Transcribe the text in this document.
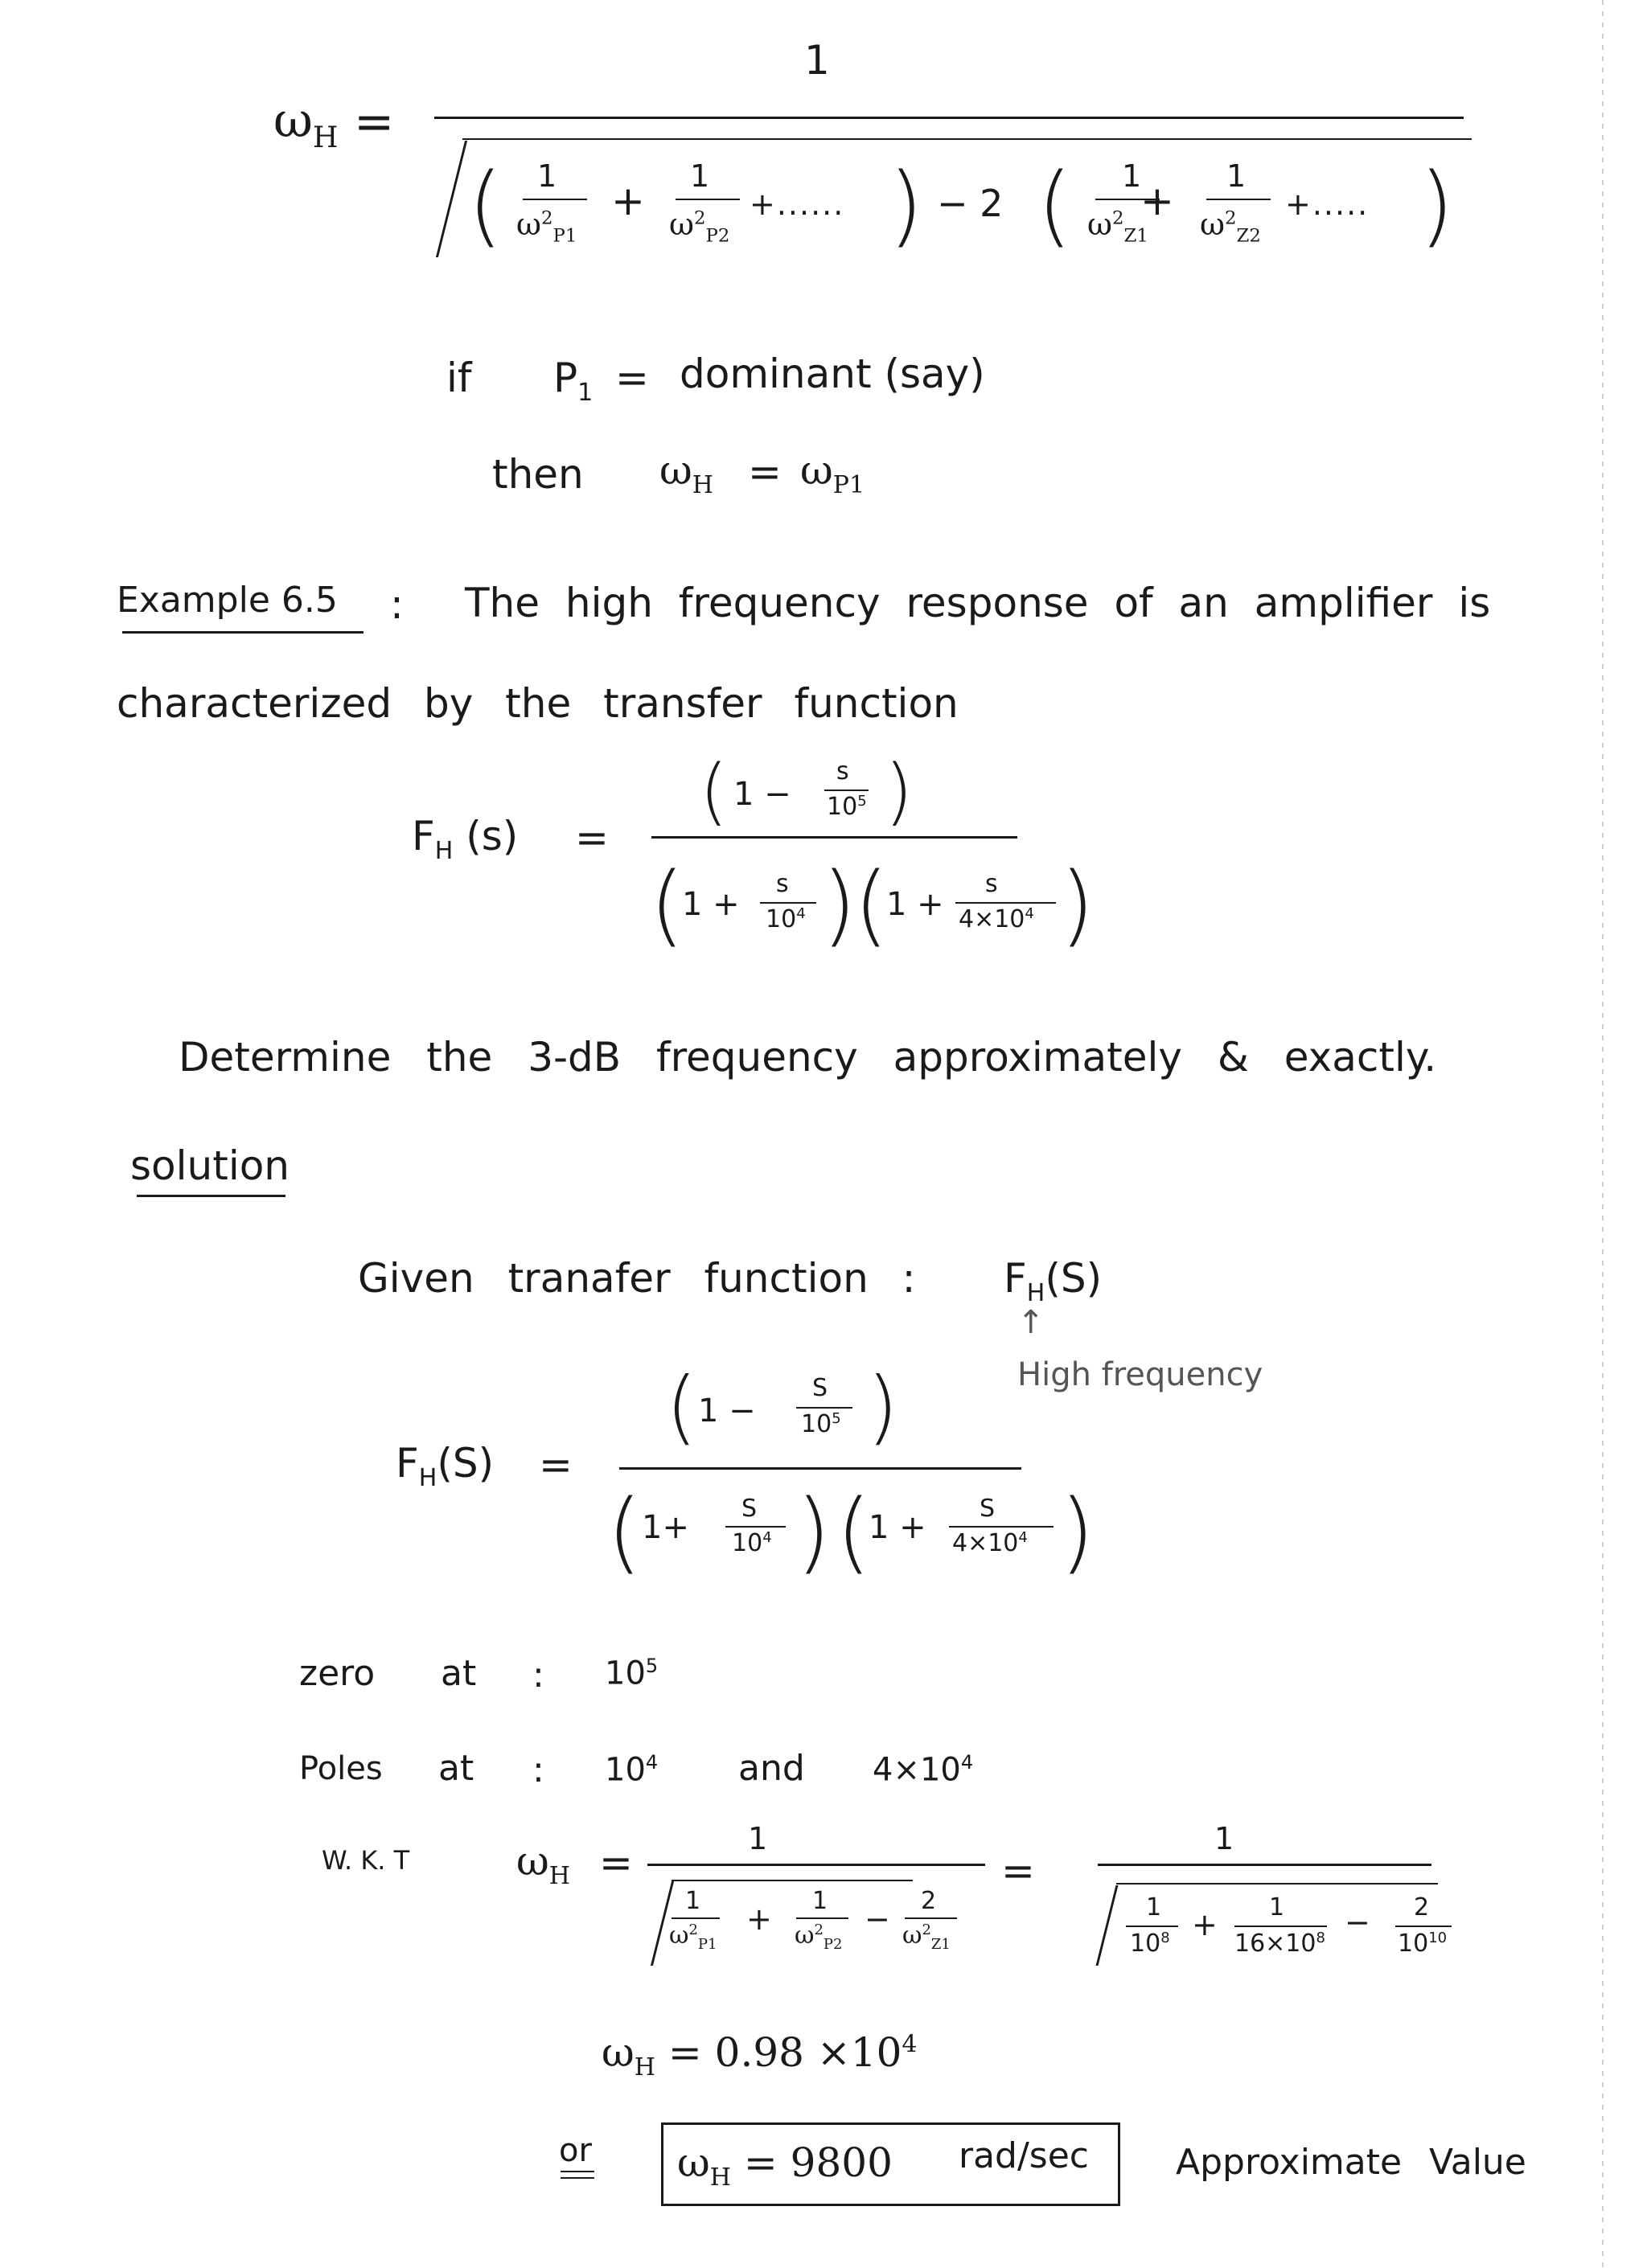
$\omega_H$ =
1
( 1
$\omega^2_{P1}$
+
1
$\omega^2_{P2}$
+...... ) − 2 ( 1
$\omega^2_{Z1}$
+
1
$\omega^2_{Z2}$
+..... )
if $P_1$ = dominant (say)
then $\omega_H = \omega_{P1}$
Example 6.5 : The high frequency response of an amplifier is
characterized by the transfer function
$F_H$ (s) =
( 1 −
s
$10^5$ )
(
1 +
s
$10^4$ )
(
1 +
s
$4\times 10^4$ )
Determine the 3-dB frequency approximately & exactly.
solution
Given tranafer function : $F_H(S)$
↑
High frequency
$F_H(S)$ =
( 1 −
S
$10^5$ )
( 1+
S
$10^4$ ) (
1 +
S
$4\times 10^4$ )
zero at : $10^5$
Poles at : $10^4$ and $4\times 10^4$
W. K. T	$\omega_H$ =
1
1
$\omega^2_{P1}$
+
1
$\omega^2_{P2}$
−
2
$\omega^2_{Z1}$
=
1
1
$10^8 + 1$
$16\times 10^8 - 2$
$10^{10}$
$\omega_H = 0.98 \times 10^4$
or $\omega_H = 9800$ rad/sec Approximate Value
